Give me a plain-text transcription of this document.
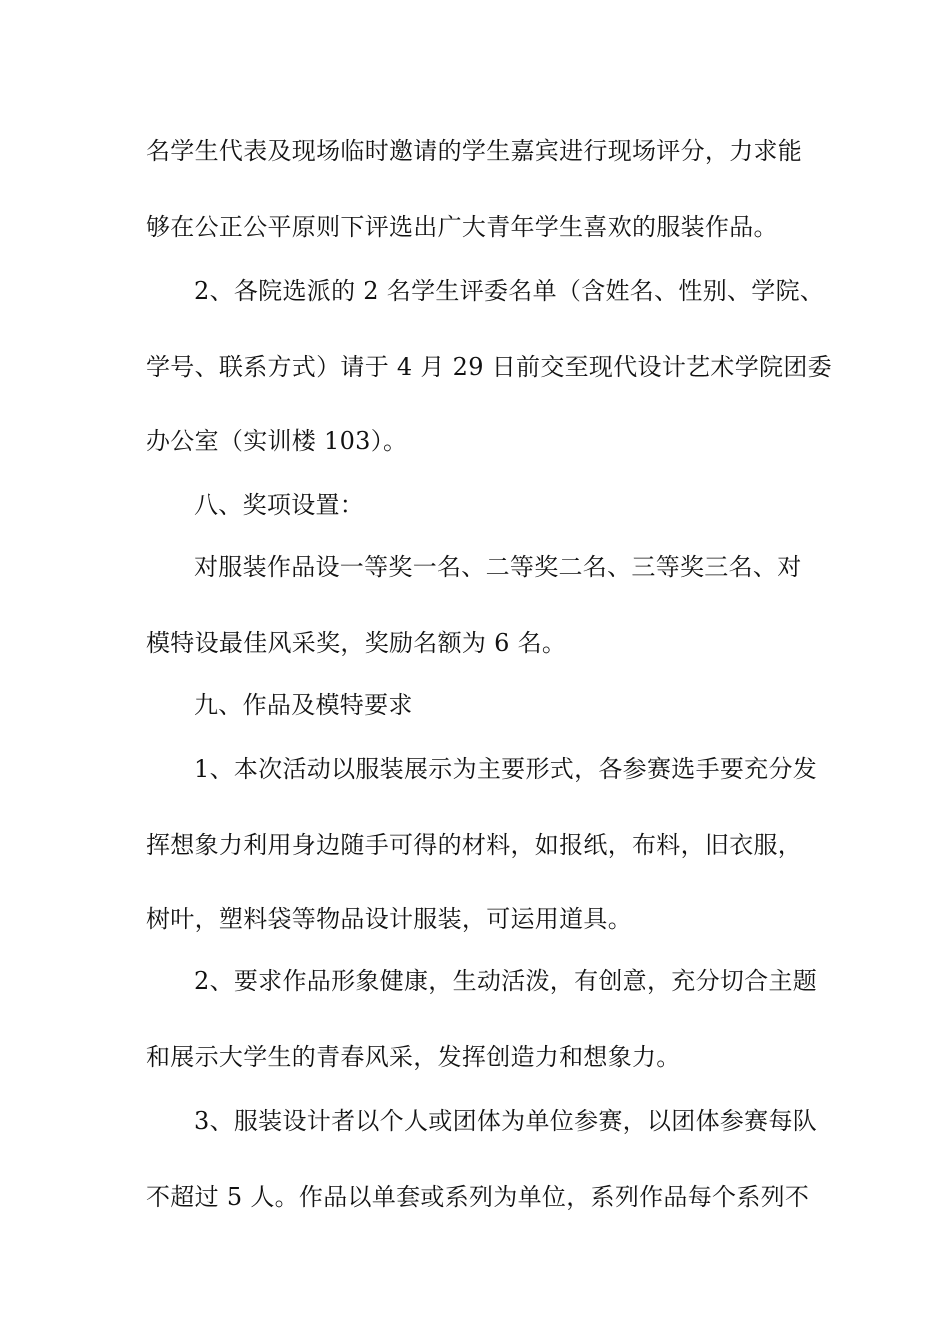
名学生代表及现场临时邀请的学生嘉宾进行现场评分，力求能
够在公正公平原则下评选出广大青年学生喜欢的服装作品。
2、各院选派的 2 名学生评委名单（含姓名、性别、学院、
学号、联系方式）请于 4 月 29 日前交至现代设计艺术学院团委
办公室（实训楼 103）。
八、奖项设置：
对服装作品设一等奖一名、二等奖二名、三等奖三名、对
模特设最佳风采奖，奖励名额为 6 名。
九、作品及模特要求
1、本次活动以服装展示为主要形式，各参赛选手要充分发
挥想象力利用身边随手可得的材料，如报纸，布料，旧衣服，
树叶，塑料袋等物品设计服装，可运用道具。
2、要求作品形象健康，生动活泼，有创意，充分切合主题
和展示大学生的青春风采，发挥创造力和想象力。
3、服装设计者以个人或团体为单位参赛，以团体参赛每队
不超过 5 人。作品以单套或系列为单位，系列作品每个系列不
